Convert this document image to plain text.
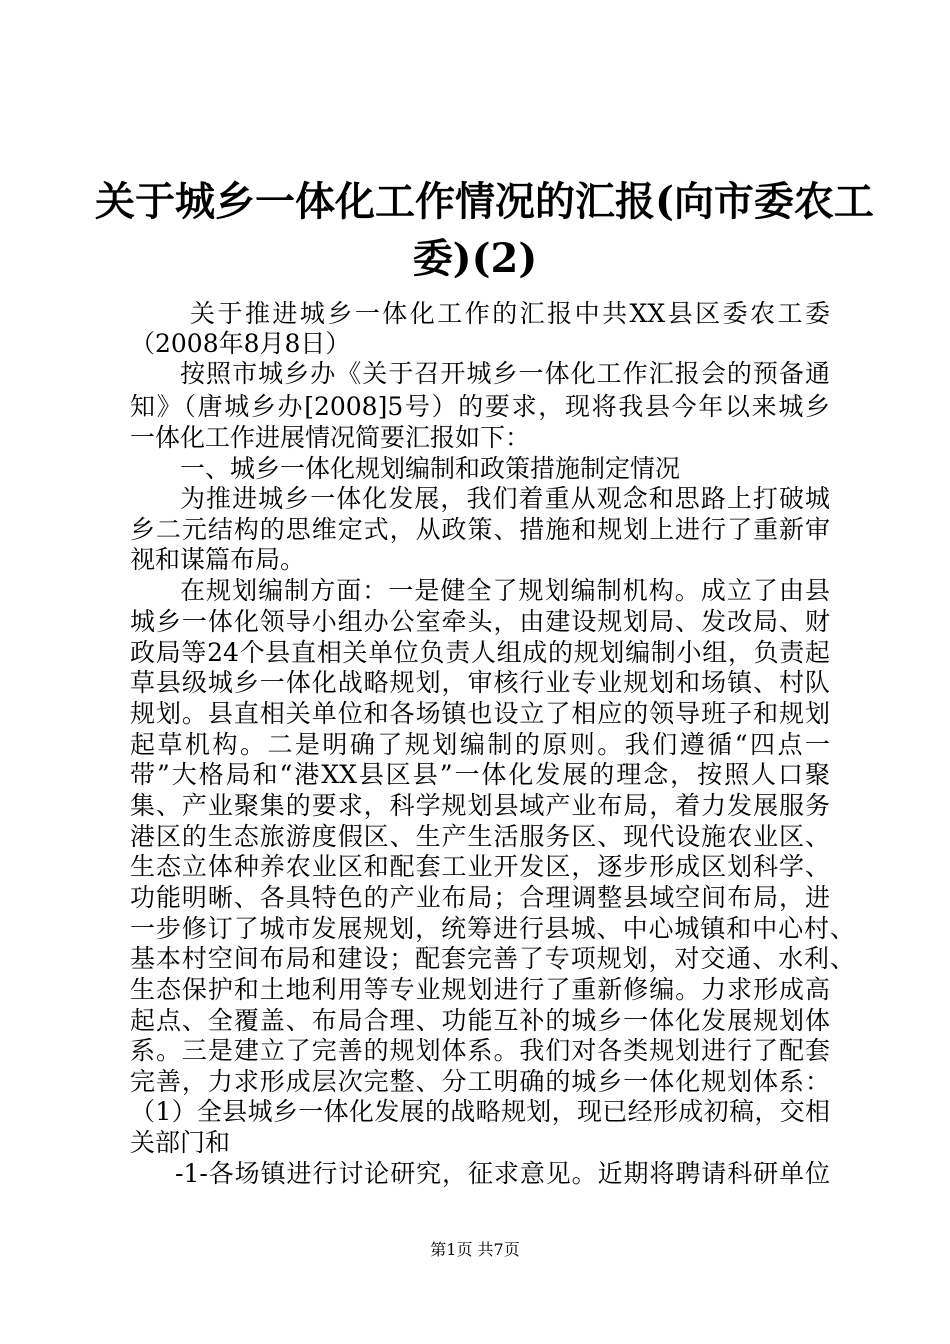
关于城乡一体化工作情况的汇报(向市委农工
委)(2)
关于推进城乡一体化工作的汇报中共XX县区委农工委
（2008年8月8日）
按照市城乡办《关于召开城乡一体化工作汇报会的预备通
知》（唐城乡办[2008]5号）的要求，现将我县今年以来城乡
一体化工作进展情况简要汇报如下：
一、城乡一体化规划编制和政策措施制定情况
为推进城乡一体化发展，我们着重从观念和思路上打破城
乡二元结构的思维定式，从政策、措施和规划上进行了重新审
视和谋篇布局。
在规划编制方面：一是健全了规划编制机构。成立了由县
城乡一体化领导小组办公室牵头，由建设规划局、发改局、财
政局等24个县直相关单位负责人组成的规划编制小组，负责起
草县级城乡一体化战略规划，审核行业专业规划和场镇、村队
规划。县直相关单位和各场镇也设立了相应的领导班子和规划
起草机构。二是明确了规划编制的原则。我们遵循“四点一
带”大格局和“港XX县区县”一体化发展的理念，按照人口聚
集、产业聚集的要求，科学规划县域产业布局，着力发展服务
港区的生态旅游度假区、生产生活服务区、现代设施农业区、
生态立体种养农业区和配套工业开发区，逐步形成区划科学、
功能明晰、各具特色的产业布局；合理调整县域空间布局，进
一步修订了城市发展规划，统筹进行县城、中心城镇和中心村、
基本村空间布局和建设；配套完善了专项规划，对交通、水利、
生态保护和土地利用等专业规划进行了重新修编。力求形成高
起点、全覆盖、布局合理、功能互补的城乡一体化发展规划体
系。三是建立了完善的规划体系。我们对各类规划进行了配套
完善，力求形成层次完整、分工明确的城乡一体化规划体系：
（1）全县城乡一体化发展的战略规划，现已经形成初稿，交相
关部门和
-1-各场镇进行讨论研究，征求意见。近期将聘请科研单位
第1页 共7页
